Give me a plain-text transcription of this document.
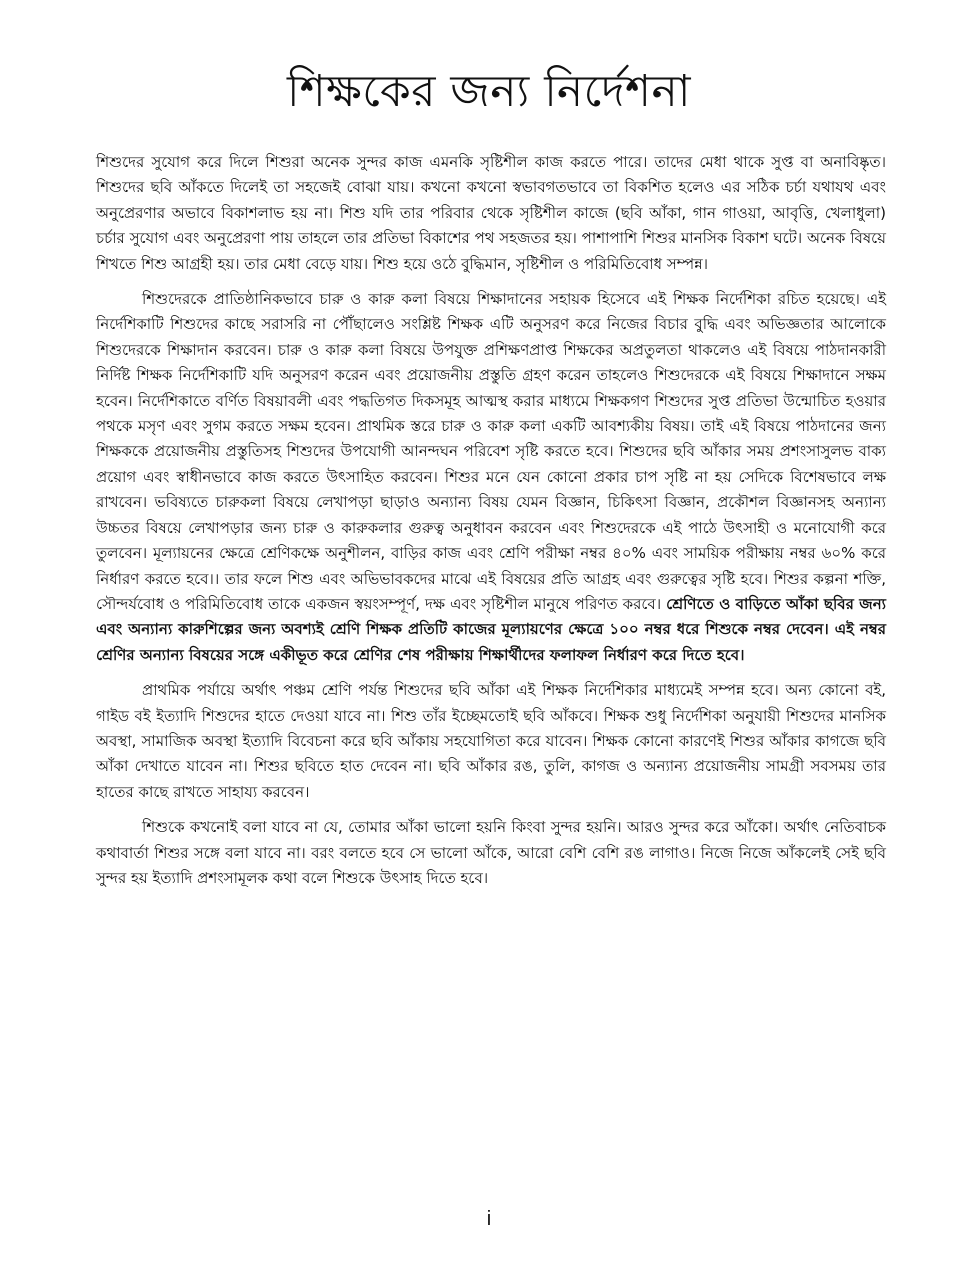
শিক্ষকের জন্য নির্দেশনা

শিশুদের সুযোগ করে দিলে শিশুরা অনেক সুন্দর কাজ এমনকি সৃষ্টিশীল কাজ করতে পারে। তাদের মেধা থাকে সুপ্ত বা অনাবিষ্কৃত। শিশুদের ছবি আঁকতে দিলেই তা সহজেই বোঝা যায়। কখনো কখনো স্বভাবগতভাবে তা বিকশিত হলেও এর সঠিক চর্চা যথাযথ এবং অনুপ্রেরণার অভাবে বিকাশলাভ হয় না। শিশু যদি তার পরিবার থেকে সৃষ্টিশীল কাজে (ছবি আঁকা, গান গাওয়া, আবৃত্তি, খেলাধুলা) চর্চার সুযোগ এবং অনুপ্রেরণা পায় তাহলে তার প্রতিভা বিকাশের পথ সহজতর হয়। পাশাপাশি শিশুর মানসিক বিকাশ ঘটে। অনেক বিষয়ে শিখতে শিশু আগ্রহী হয়। তার মেধা বেড়ে যায়। শিশু হয়ে ওঠে বুদ্ধিমান, সৃষ্টিশীল ও পরিমিতিবোধ সম্পন্ন।

শিশুদেরকে প্রাতিষ্ঠানিকভাবে চারু ও কারু কলা বিষয়ে শিক্ষাদানের সহায়ক হিসেবে এই শিক্ষক নির্দেশিকা রচিত হয়েছে। এই নির্দেশিকাটি শিশুদের কাছে সরাসরি না পৌঁছালেও সংশ্লিষ্ট শিক্ষক এটি অনুসরণ করে নিজের বিচার বুদ্ধি এবং অভিজ্ঞতার আলোকে শিশুদেরকে শিক্ষাদান করবেন। চারু ও কারু কলা বিষয়ে উপযুক্ত প্রশিক্ষণপ্রাপ্ত শিক্ষকের অপ্রতুলতা থাকলেও এই বিষয়ে পাঠদানকারী নির্দিষ্ট শিক্ষক নির্দেশিকাটি যদি অনুসরণ করেন এবং প্রয়োজনীয় প্রস্তুতি গ্রহণ করেন তাহলেও শিশুদেরকে এই বিষয়ে শিক্ষাদানে সক্ষম হবেন। নির্দেশিকাতে বর্ণিত বিষয়াবলী এবং পদ্ধতিগত দিকসমূহ আত্মস্থ করার মাধ্যমে শিক্ষকগণ শিশুদের সুপ্ত প্রতিভা উন্মোচিত হওয়ার পথকে মসৃণ এবং সুগম করতে সক্ষম হবেন। প্রাথমিক স্তরে চারু ও কারু কলা একটি আবশ্যকীয় বিষয়। তাই এই বিষয়ে পাঠদানের জন্য শিক্ষককে প্রয়োজনীয় প্রস্তুতিসহ শিশুদের উপযোগী আনন্দঘন পরিবেশ সৃষ্টি করতে হবে। শিশুদের ছবি আঁকার সময় প্রশংসাসুলভ বাক্য প্রয়োগ এবং স্বাধীনভাবে কাজ করতে উৎসাহিত করবেন। শিশুর মনে যেন কোনো প্রকার চাপ সৃষ্টি না হয় সেদিকে বিশেষভাবে লক্ষ রাখবেন। ভবিষ্যতে চারুকলা বিষয়ে লেখাপড়া ছাড়াও অন্যান্য বিষয় যেমন বিজ্ঞান, চিকিৎসা বিজ্ঞান, প্রকৌশল বিজ্ঞানসহ অন্যান্য উচ্চতর বিষয়ে লেখাপড়ার জন্য চারু ও কারুকলার গুরুত্ব অনুধাবন করবেন এবং শিশুদেরকে এই পাঠে উৎসাহী ও মনোযোগী করে তুলবেন। মূল্যায়নের ক্ষেত্রে শ্রেণিকক্ষে অনুশীলন, বাড়ির কাজ এবং শ্রেণি পরীক্ষা নম্বর ৪০% এবং সাময়িক পরীক্ষায় নম্বর ৬০% করে নির্ধারণ করতে হবে।। তার ফলে শিশু এবং অভিভাবকদের মাঝে এই বিষয়ের প্রতি আগ্রহ এবং গুরুত্বের সৃষ্টি হবে। শিশুর কল্পনা শক্তি, সৌন্দর্যবোধ ও পরিমিতিবোধ তাকে একজন স্বয়ংসম্পূর্ণ, দক্ষ এবং সৃষ্টিশীল মানুষে পরিণত করবে। শ্রেণিতে ও বাড়িতে আঁকা ছবির জন্য এবং অন্যান্য কারুশিল্পের জন্য অবশ্যই শ্রেণি শিক্ষক প্রতিটি কাজের মূল্যায়ণের ক্ষেত্রে ১০০ নম্বর ধরে শিশুকে নম্বর দেবেন। এই নম্বর শ্রেণির অন্যান্য বিষয়ের সঙ্গে একীভূত করে শ্রেণির শেষ পরীক্ষায় শিক্ষার্থীদের ফলাফল নির্ধারণ করে দিতে হবে।

প্রাথমিক পর্যায়ে অর্থাৎ পঞ্চম শ্রেণি পর্যন্ত শিশুদের ছবি আঁকা এই শিক্ষক নির্দেশিকার মাধ্যমেই সম্পন্ন হবে। অন্য কোনো বই, গাইড বই ইত্যাদি শিশুদের হাতে দেওয়া যাবে না। শিশু তাঁর ইচ্ছেমতোই ছবি আঁকবে। শিক্ষক শুধু নির্দেশিকা অনুযায়ী শিশুদের মানসিক অবস্থা, সামাজিক অবস্থা ইত্যাদি বিবেচনা করে ছবি আঁকায় সহযোগিতা করে যাবেন। শিক্ষক কোনো কারণেই শিশুর আঁকার কাগজে ছবি আঁকা দেখাতে যাবেন না। শিশুর ছবিতে হাত দেবেন না। ছবি আঁকার রঙ, তুলি, কাগজ ও অন্যান্য প্রয়োজনীয় সামগ্রী সবসময় তার হাতের কাছে রাখতে সাহায্য করবেন।

শিশুকে কখনোই বলা যাবে না যে, তোমার আঁকা ভালো হয়নি কিংবা সুন্দর হয়নি। আরও সুন্দর করে আঁকো। অর্থাৎ নেতিবাচক কথাবার্তা শিশুর সঙ্গে বলা যাবে না। বরং বলতে হবে সে ভালো আঁকে, আরো বেশি বেশি রঙ লাগাও। নিজে নিজে আঁকলেই সেই ছবি সুন্দর হয় ইত্যাদি প্রশংসামূলক কথা বলে শিশুকে উৎসাহ দিতে হবে।

i
